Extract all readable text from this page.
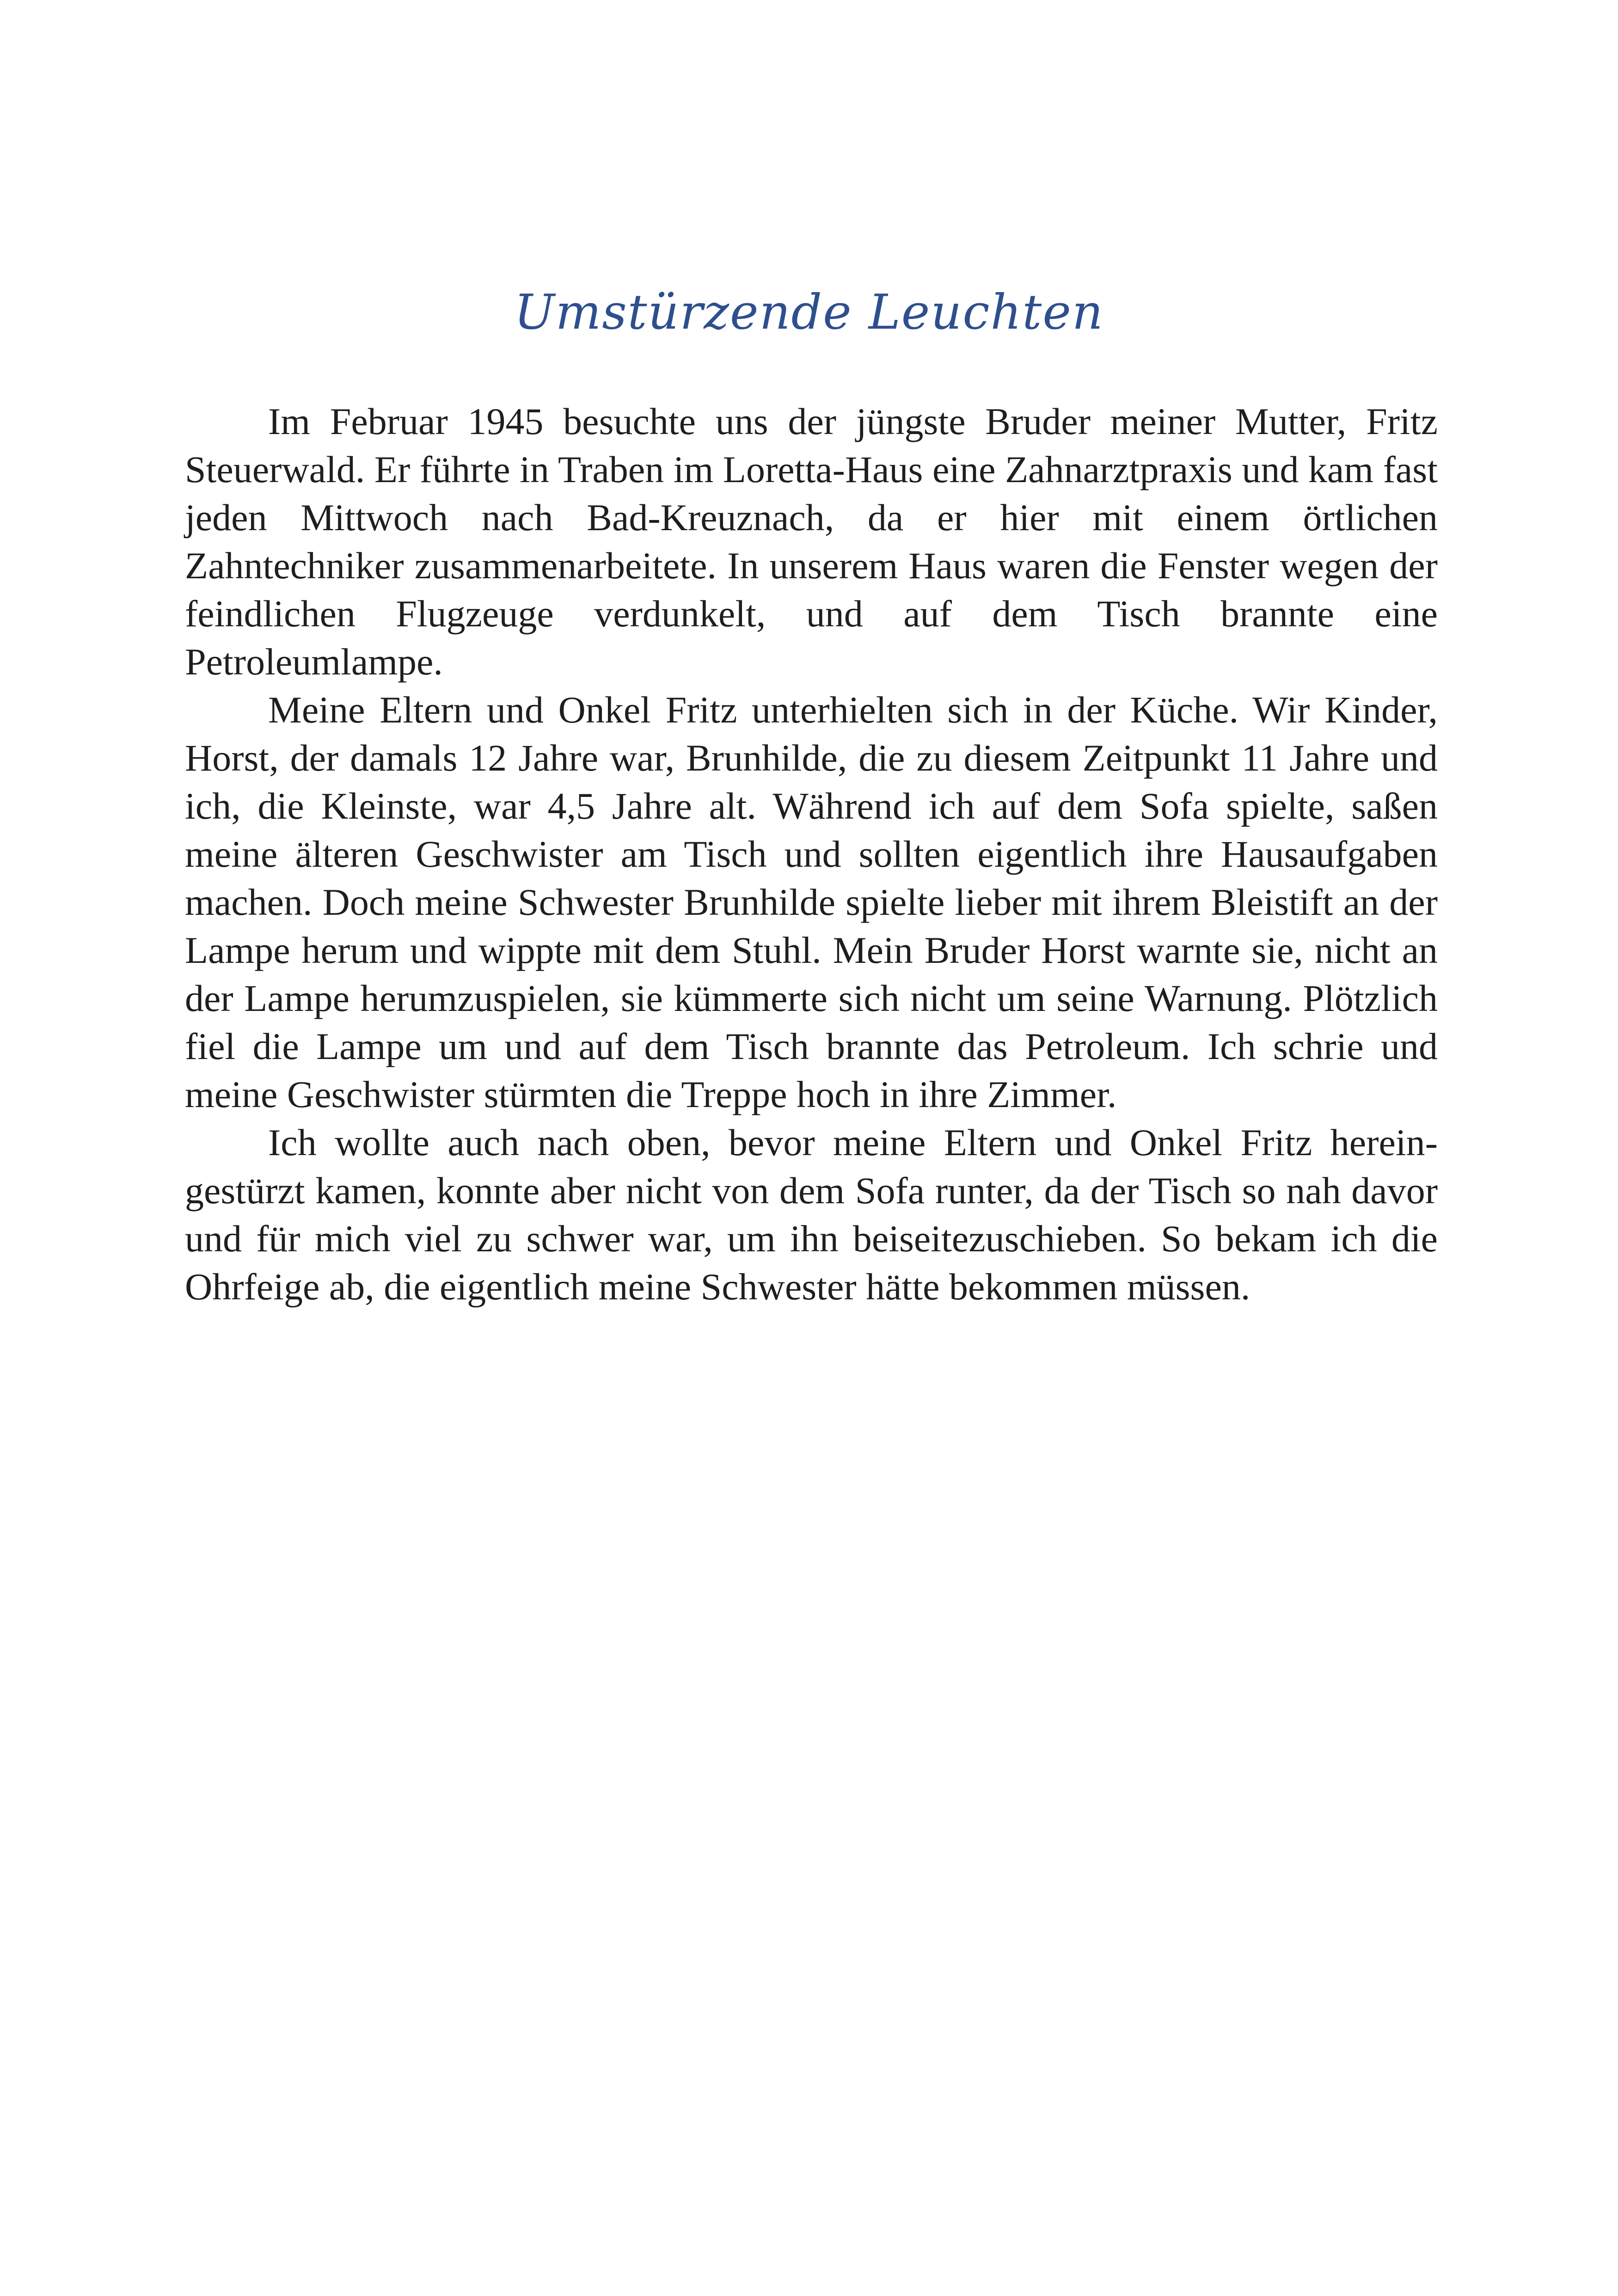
Umstürzende Leuchten

Im Februar 1945 besuchte uns der jüngste Bruder meiner Mutter, Fritz Steuerwald. Er führte in Traben im Loretta-Haus eine Zahnarztpraxis und kam fast jeden Mittwoch nach Bad-Kreuznach, da er hier mit einem örtlichen Zahntechniker zusammenarbeitete. In unserem Haus waren die Fenster wegen der feindlichen Flugzeuge verdunkelt, und auf dem Tisch brannte eine Petroleumlampe.

Meine Eltern und Onkel Fritz unterhielten sich in der Küche. Wir Kinder, Horst, der damals 12 Jahre war, Brunhilde, die zu diesem Zeitpunkt 11 Jahre und ich, die Kleinste, war 4,5 Jahre alt. Während ich auf dem Sofa spielte, saßen meine älteren Geschwister am Tisch und sollten eigentlich ihre Hausaufgaben machen. Doch meine Schwester Brunhilde spielte lieber mit ihrem Bleistift an der Lampe herum und wippte mit dem Stuhl. Mein Bruder Horst warnte sie, nicht an der Lampe herumzuspielen, sie kümmerte sich nicht um seine Warnung. Plötzlich fiel die Lampe um und auf dem Tisch brannte das Petroleum. Ich schrie und meine Geschwister stürmten die Treppe hoch in ihre Zimmer.

Ich wollte auch nach oben, bevor meine Eltern und Onkel Fritz hereingestürzt kamen, konnte aber nicht von dem Sofa runter, da der Tisch so nah davor und für mich viel zu schwer war, um ihn beiseitezuschieben. So bekam ich die Ohrfeige ab, die eigentlich meine Schwester hätte bekommen müssen.
